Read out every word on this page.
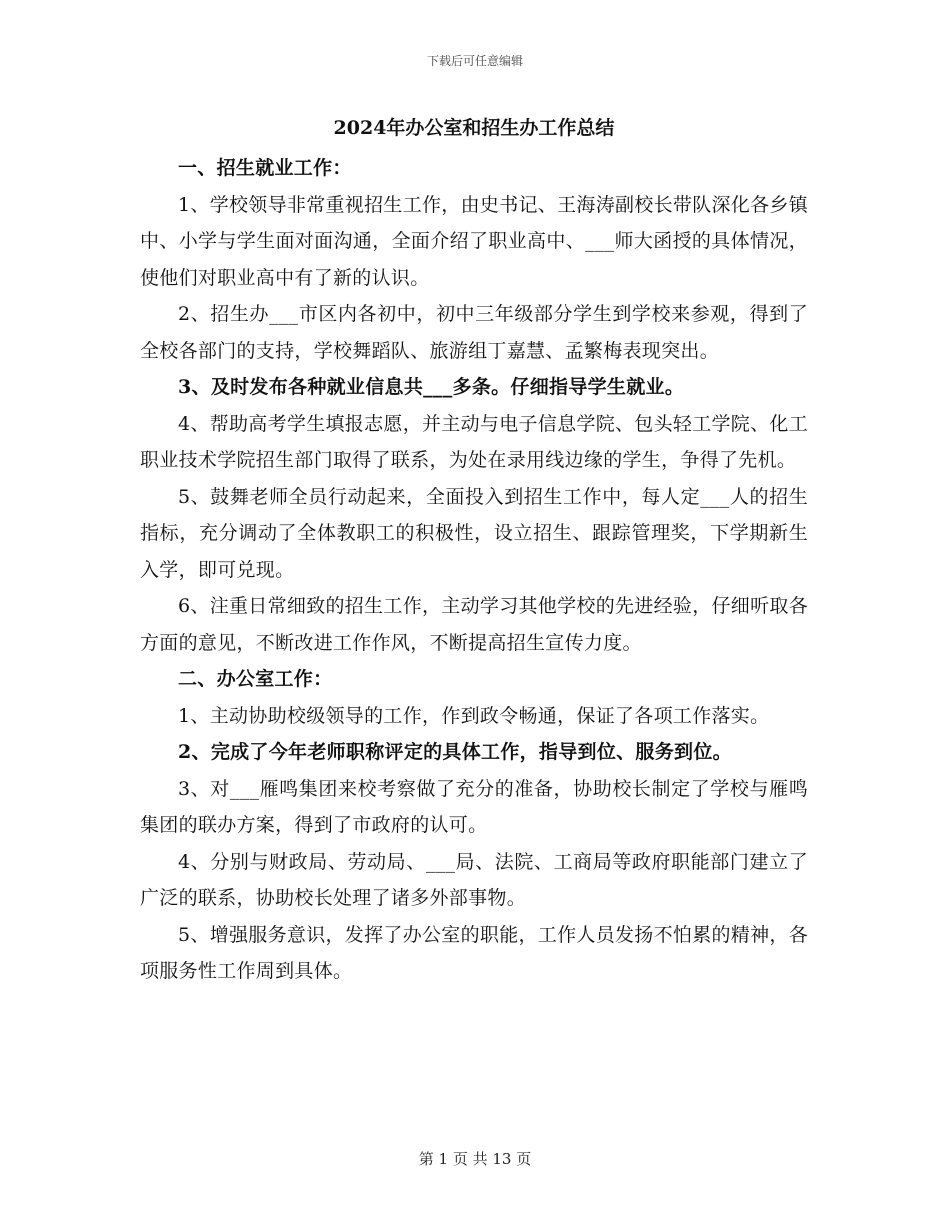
下载后可任意编辑
2024年办公室和招生办工作总结

一、招生就业工作：

1、学校领导非常重视招生工作，由史书记、王海涛副校长带队深化各乡镇中、小学与学生面对面沟通，全面介绍了职业高中、___师大函授的具体情况，使他们对职业高中有了新的认识。

2、招生办___市区内各初中，初中三年级部分学生到学校来参观，得到了全校各部门的支持，学校舞蹈队、旅游组丁嘉慧、孟繁梅表现突出。

3、及时发布各种就业信息共___多条。仔细指导学生就业。

4、帮助高考学生填报志愿，并主动与电子信息学院、包头轻工学院、化工职业技术学院招生部门取得了联系，为处在录用线边缘的学生，争得了先机。

5、鼓舞老师全员行动起来，全面投入到招生工作中，每人定___人的招生指标，充分调动了全体教职工的积极性，设立招生、跟踪管理奖，下学期新生入学，即可兑现。

6、注重日常细致的招生工作，主动学习其他学校的先进经验，仔细听取各方面的意见，不断改进工作作风，不断提高招生宣传力度。

二、办公室工作：

1、主动协助校级领导的工作，作到政令畅通，保证了各项工作落实。

2、完成了今年老师职称评定的具体工作，指导到位、服务到位。

3、对___雁鸣集团来校考察做了充分的准备，协助校长制定了学校与雁鸣集团的联办方案，得到了市政府的认可。

4、分别与财政局、劳动局、___局、法院、工商局等政府职能部门建立了广泛的联系，协助校长处理了诸多外部事物。

5、增强服务意识，发挥了办公室的职能，工作人员发扬不怕累的精神，各项服务性工作周到具体。

第 1 页 共 13 页
